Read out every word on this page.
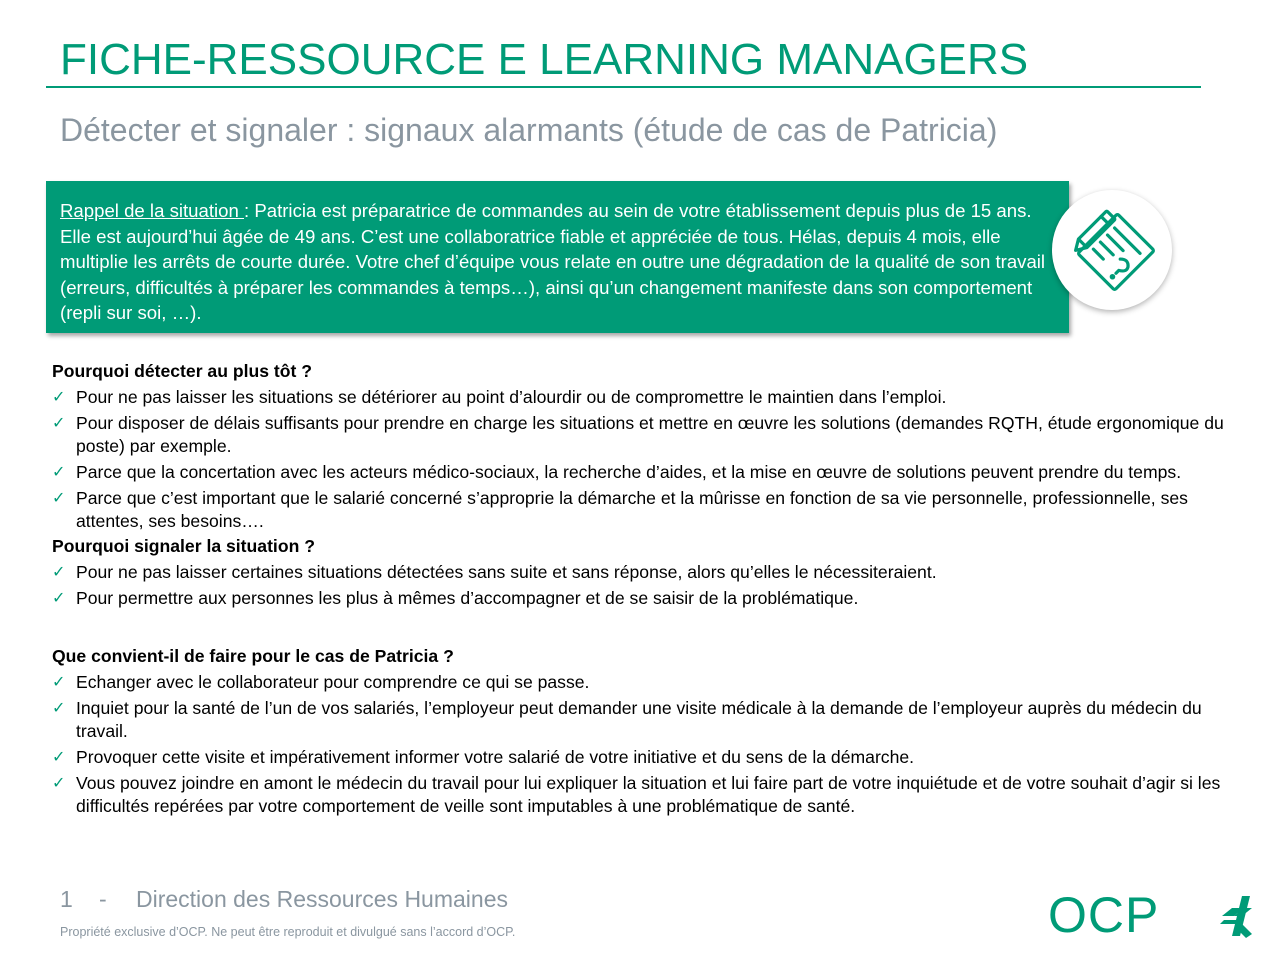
FICHE-RESSOURCE E LEARNING MANAGERS
Détecter et signaler : signaux alarmants (étude de cas de Patricia)
Rappel de la situation : Patricia est préparatrice de commandes au sein de votre établissement depuis plus de 15 ans. Elle est aujourd’hui âgée de 49 ans. C’est une collaboratrice fiable et appréciée de tous. Hélas, depuis 4 mois, elle multiplie les arrêts de courte durée. Votre chef d’équipe vous relate en outre une dégradation de la qualité de son travail (erreurs, difficultés à préparer les commandes à temps…), ainsi qu’un changement manifeste dans son comportement (repli sur soi, …).
Pourquoi détecter au plus tôt ?
✓ Pour ne pas laisser les situations se détériorer au point d’alourdir ou de compromettre le maintien dans l’emploi.
✓ Pour disposer de délais suffisants pour prendre en charge les situations et mettre en œuvre les solutions (demandes RQTH, étude ergonomique du poste) par exemple.
✓ Parce que la concertation avec les acteurs médico-sociaux, la recherche d’aides, et la mise en œuvre de solutions peuvent prendre du temps.
✓ Parce que c’est important que le salarié concerné s’approprie la démarche et la mûrisse en fonction de sa vie personnelle, professionnelle, ses attentes, ses besoins….
Pourquoi signaler la situation ?
✓ Pour ne pas laisser certaines situations détectées sans suite et sans réponse, alors qu’elles le nécessiteraient.
✓ Pour permettre aux personnes les plus à mêmes d’accompagner et de se saisir de la problématique.
Que convient-il de faire pour le cas de Patricia ?
✓ Echanger avec le collaborateur pour comprendre ce qui se passe.
✓ Inquiet pour la santé de l’un de vos salariés, l’employeur peut demander une visite médicale à la demande de l’employeur auprès du médecin du travail.
✓ Provoquer cette visite et impérativement informer votre salarié de votre initiative et du sens de la démarche.
✓ Vous pouvez joindre en amont le médecin du travail pour lui expliquer la situation et lui faire part de votre inquiétude et de votre souhait d’agir si les difficultés repérées par votre comportement de veille sont imputables à une problématique de santé.
1 - Direction des Ressources Humaines
Propriété exclusive d’OCP. Ne peut être reproduit et divulgué sans l’accord d’OCP.	OCP
